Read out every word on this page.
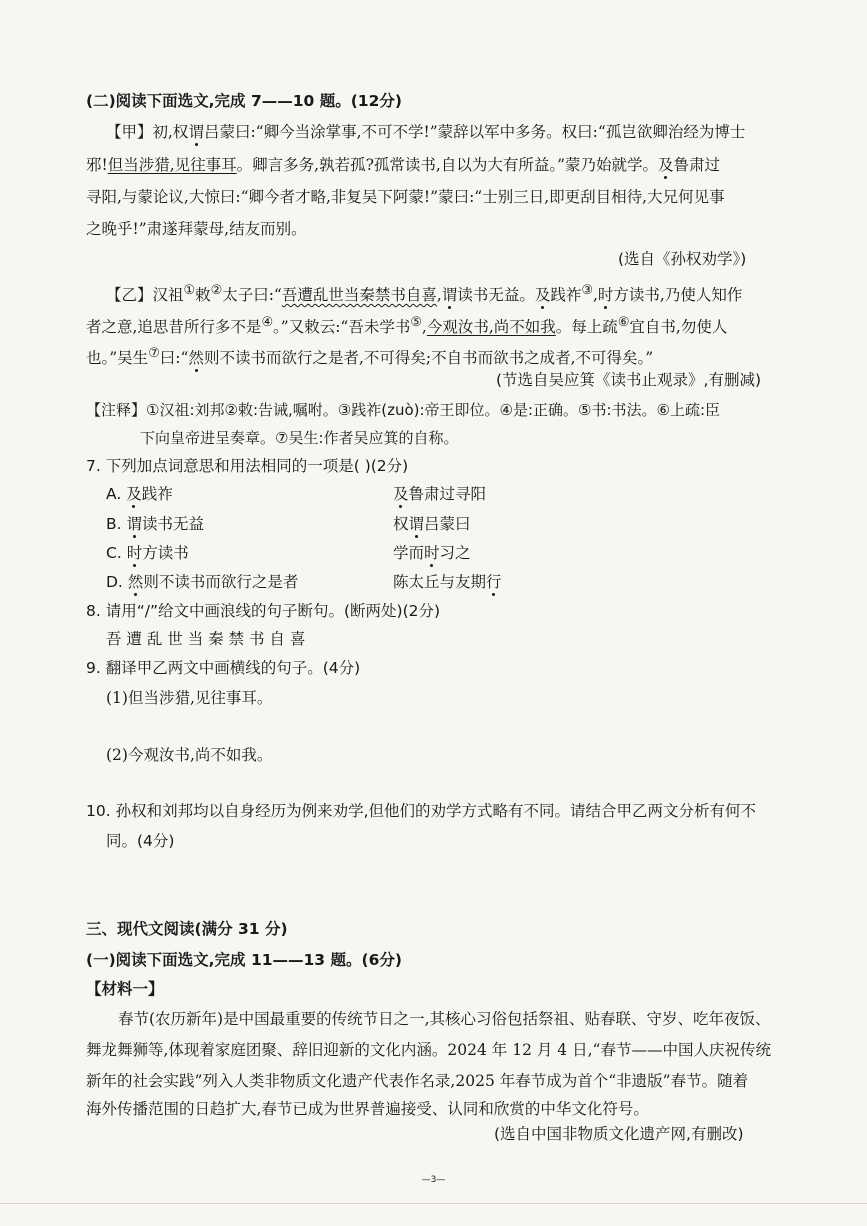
(二)阅读下面选文,完成 7——10 题。(12分)
【甲】初,权谓吕蒙曰:“卿今当涂掌事,不可不学!”蒙辞以军中多务。权曰:“孤岂欲卿治经为博士
邪!但当涉猎,见往事耳。卿言多务,孰若孤?孤常读书,自以为大有所益。”蒙乃始就学。及鲁肃过
寻阳,与蒙论议,大惊曰:“卿今者才略,非复吴下阿蒙!”蒙曰:“士别三日,即更刮目相待,大兄何见事
之晚乎!”肃遂拜蒙母,结友而别。
(选自《孙权劝学》)
【乙】汉祖①敕②太子曰:“吾遭乱世当秦禁书自喜,谓读书无益。及践祚③,时方读书,乃使人知作
者之意,追思昔所行多不是④。”又敕云:“吾未学书⑤,今观汝书,尚不如我。每上疏⑥宜自书,勿使人
也。”吴生⑦曰:“然则不读书而欲行之是者,不可得矣;不自书而欲书之成者,不可得矣。”
(节选自吴应箕《读书止观录》,有删减)
【注释】①汉祖:刘邦②敕:告诫,嘱咐。③践祚(zuò):帝王即位。④是:正确。⑤书:书法。⑥上疏:臣
下向皇帝进呈奏章。⑦吴生:作者吴应箕的自称。
7. 下列加点词意思和用法相同的一项是( )(2分)
A. 及践祚	及鲁肃过寻阳
B. 谓读书无益	权谓吕蒙曰
C. 时方读书	学而时习之
D. 然则不读书而欲行之是者	陈太丘与友期行
8. 请用“/”给文中画浪线的句子断句。(断两处)(2分)
吾 遭 乱 世 当 秦 禁 书 自 喜
9. 翻译甲乙两文中画横线的句子。(4分)
(1)但当涉猎,见往事耳。
(2)今观汝书,尚不如我。
10. 孙权和刘邦均以自身经历为例来劝学,但他们的劝学方式略有不同。请结合甲乙两文分析有何不
同。(4分)
三、现代文阅读(满分 31 分)
(一)阅读下面选文,完成 11——13 题。(6分)
【材料一】
春节(农历新年)是中国最重要的传统节日之一,其核心习俗包括祭祖、贴春联、守岁、吃年夜饭、
舞龙舞狮等,体现着家庭团聚、辞旧迎新的文化内涵。2024 年 12 月 4 日,“春节——中国人庆祝传统
新年的社会实践”列入人类非物质文化遗产代表作名录,2025 年春节成为首个“非遗版”春节。随着
海外传播范围的日趋扩大,春节已成为世界普遍接受、认同和欣赏的中华文化符号。
(选自中国非物质文化遗产网,有删改)
—3—
